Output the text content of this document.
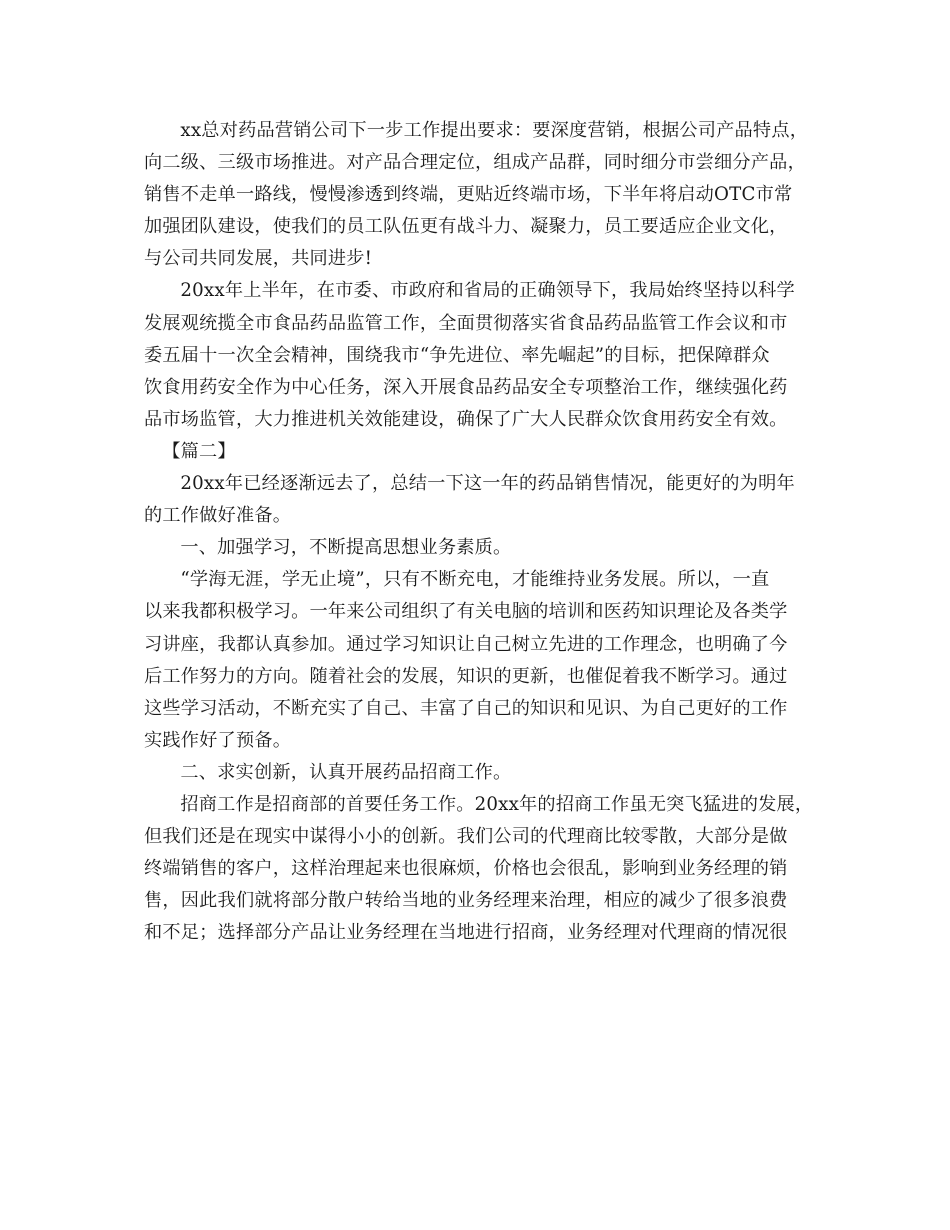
xx总对药品营销公司下一步工作提出要求：要深度营销，根据公司产品特点，
向二级、三级市场推进。对产品合理定位，组成产品群，同时细分市尝细分产品，
销售不走单一路线，慢慢渗透到终端，更贴近终端市场，下半年将启动OTC市常
加强团队建设，使我们的员工队伍更有战斗力、凝聚力，员工要适应企业文化，
与公司共同发展，共同进步!

20xx年上半年，在市委、市政府和省局的正确领导下，我局始终坚持以科学
发展观统揽全市食品药品监管工作，全面贯彻落实省食品药品监管工作会议和市
委五届十一次全会精神，围绕我市“争先进位、率先崛起”的目标，把保障群众
饮食用药安全作为中心任务，深入开展食品药品安全专项整治工作，继续强化药
品市场监管，大力推进机关效能建设，确保了广大人民群众饮食用药安全有效。

【篇二】

20xx年已经逐渐远去了，总结一下这一年的药品销售情况，能更好的为明年
的工作做好准备。

一、加强学习，不断提高思想业务素质。

“学海无涯，学无止境”，只有不断充电，才能维持业务发展。所以，一直
以来我都积极学习。一年来公司组织了有关电脑的培训和医药知识理论及各类学
习讲座，我都认真参加。通过学习知识让自己树立先进的工作理念，也明确了今
后工作努力的方向。随着社会的发展，知识的更新，也催促着我不断学习。通过
这些学习活动，不断充实了自己、丰富了自己的知识和见识、为自己更好的工作
实践作好了预备。

二、求实创新，认真开展药品招商工作。

招商工作是招商部的首要任务工作。20xx年的招商工作虽无突飞猛进的发展，
但我们还是在现实中谋得小小的创新。我们公司的代理商比较零散，大部分是做
终端销售的客户，这样治理起来也很麻烦，价格也会很乱，影响到业务经理的销
售，因此我们就将部分散户转给当地的业务经理来治理，相应的减少了很多浪费
和不足；选择部分产品让业务经理在当地进行招商，业务经理对代理商的情况很
